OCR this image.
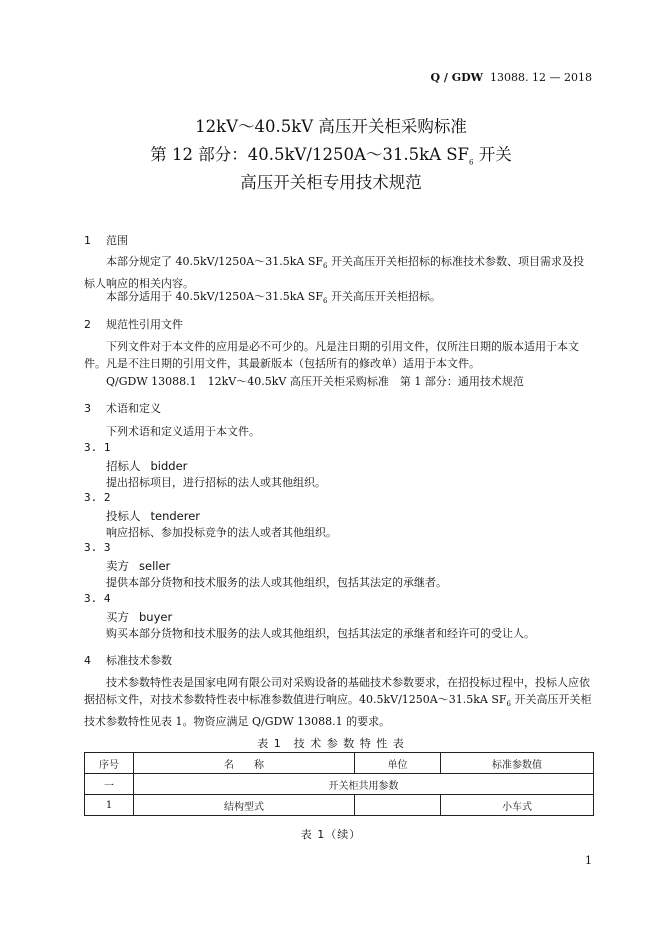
Q / GDW 13088. 12 — 2018
12kV～40.5kV 高压开关柜采购标准
第 12 部分：40.5kV/1250A～31.5kA $SF_6$ 开关
高压开关柜专用技术规范
1 范围
本部分规定了 40.5kV/1250A～31.5kA $SF_6$ 开关高压开关柜招标的标准技术参数、项目需求及投标人响应的相关内容。
本部分适用于 40.5kV/1250A～31.5kA $SF_6$ 开关高压开关柜招标。
2 规范性引用文件
下列文件对于本文件的应用是必不可少的。凡是注日期的引用文件，仅所注日期的版本适用于本文件。凡是不注日期的引用文件，其最新版本（包括所有的修改单）适用于本文件。
Q/GDW 13088.1　12kV～40.5kV 高压开关柜采购标准　第 1 部分：通用技术规范
3 术语和定义
下列术语和定义适用于本文件。
3. 1
招标人 bidder
提出招标项目，进行招标的法人或其他组织。
3. 2
投标人 tenderer
响应招标、参加投标竞争的法人或者其他组织。
3. 3
卖方 seller
提供本部分货物和技术服务的法人或其他组织，包括其法定的承继者。
3. 4
买方 buyer
购买本部分货物和技术服务的法人或其他组织，包括其法定的承继者和经许可的受让人。
4 标准技术参数
技术参数特性表是国家电网有限公司对采购设备的基础技术参数要求，在招投标过程中，投标人应依据招标文件，对技术参数特性表中标准参数值进行响应。40.5kV/1250A～31.5kA $SF_6$ 开关高压开关柜技术参数特性见表 1。物资应满足 Q/GDW 13088.1 的要求。
表 1　技 术 参 数 特 性 表
序号	名　　称	单位	标准参数值
一	开关柜共用参数		
1	结构型式		小车式
表 1（续）
1
